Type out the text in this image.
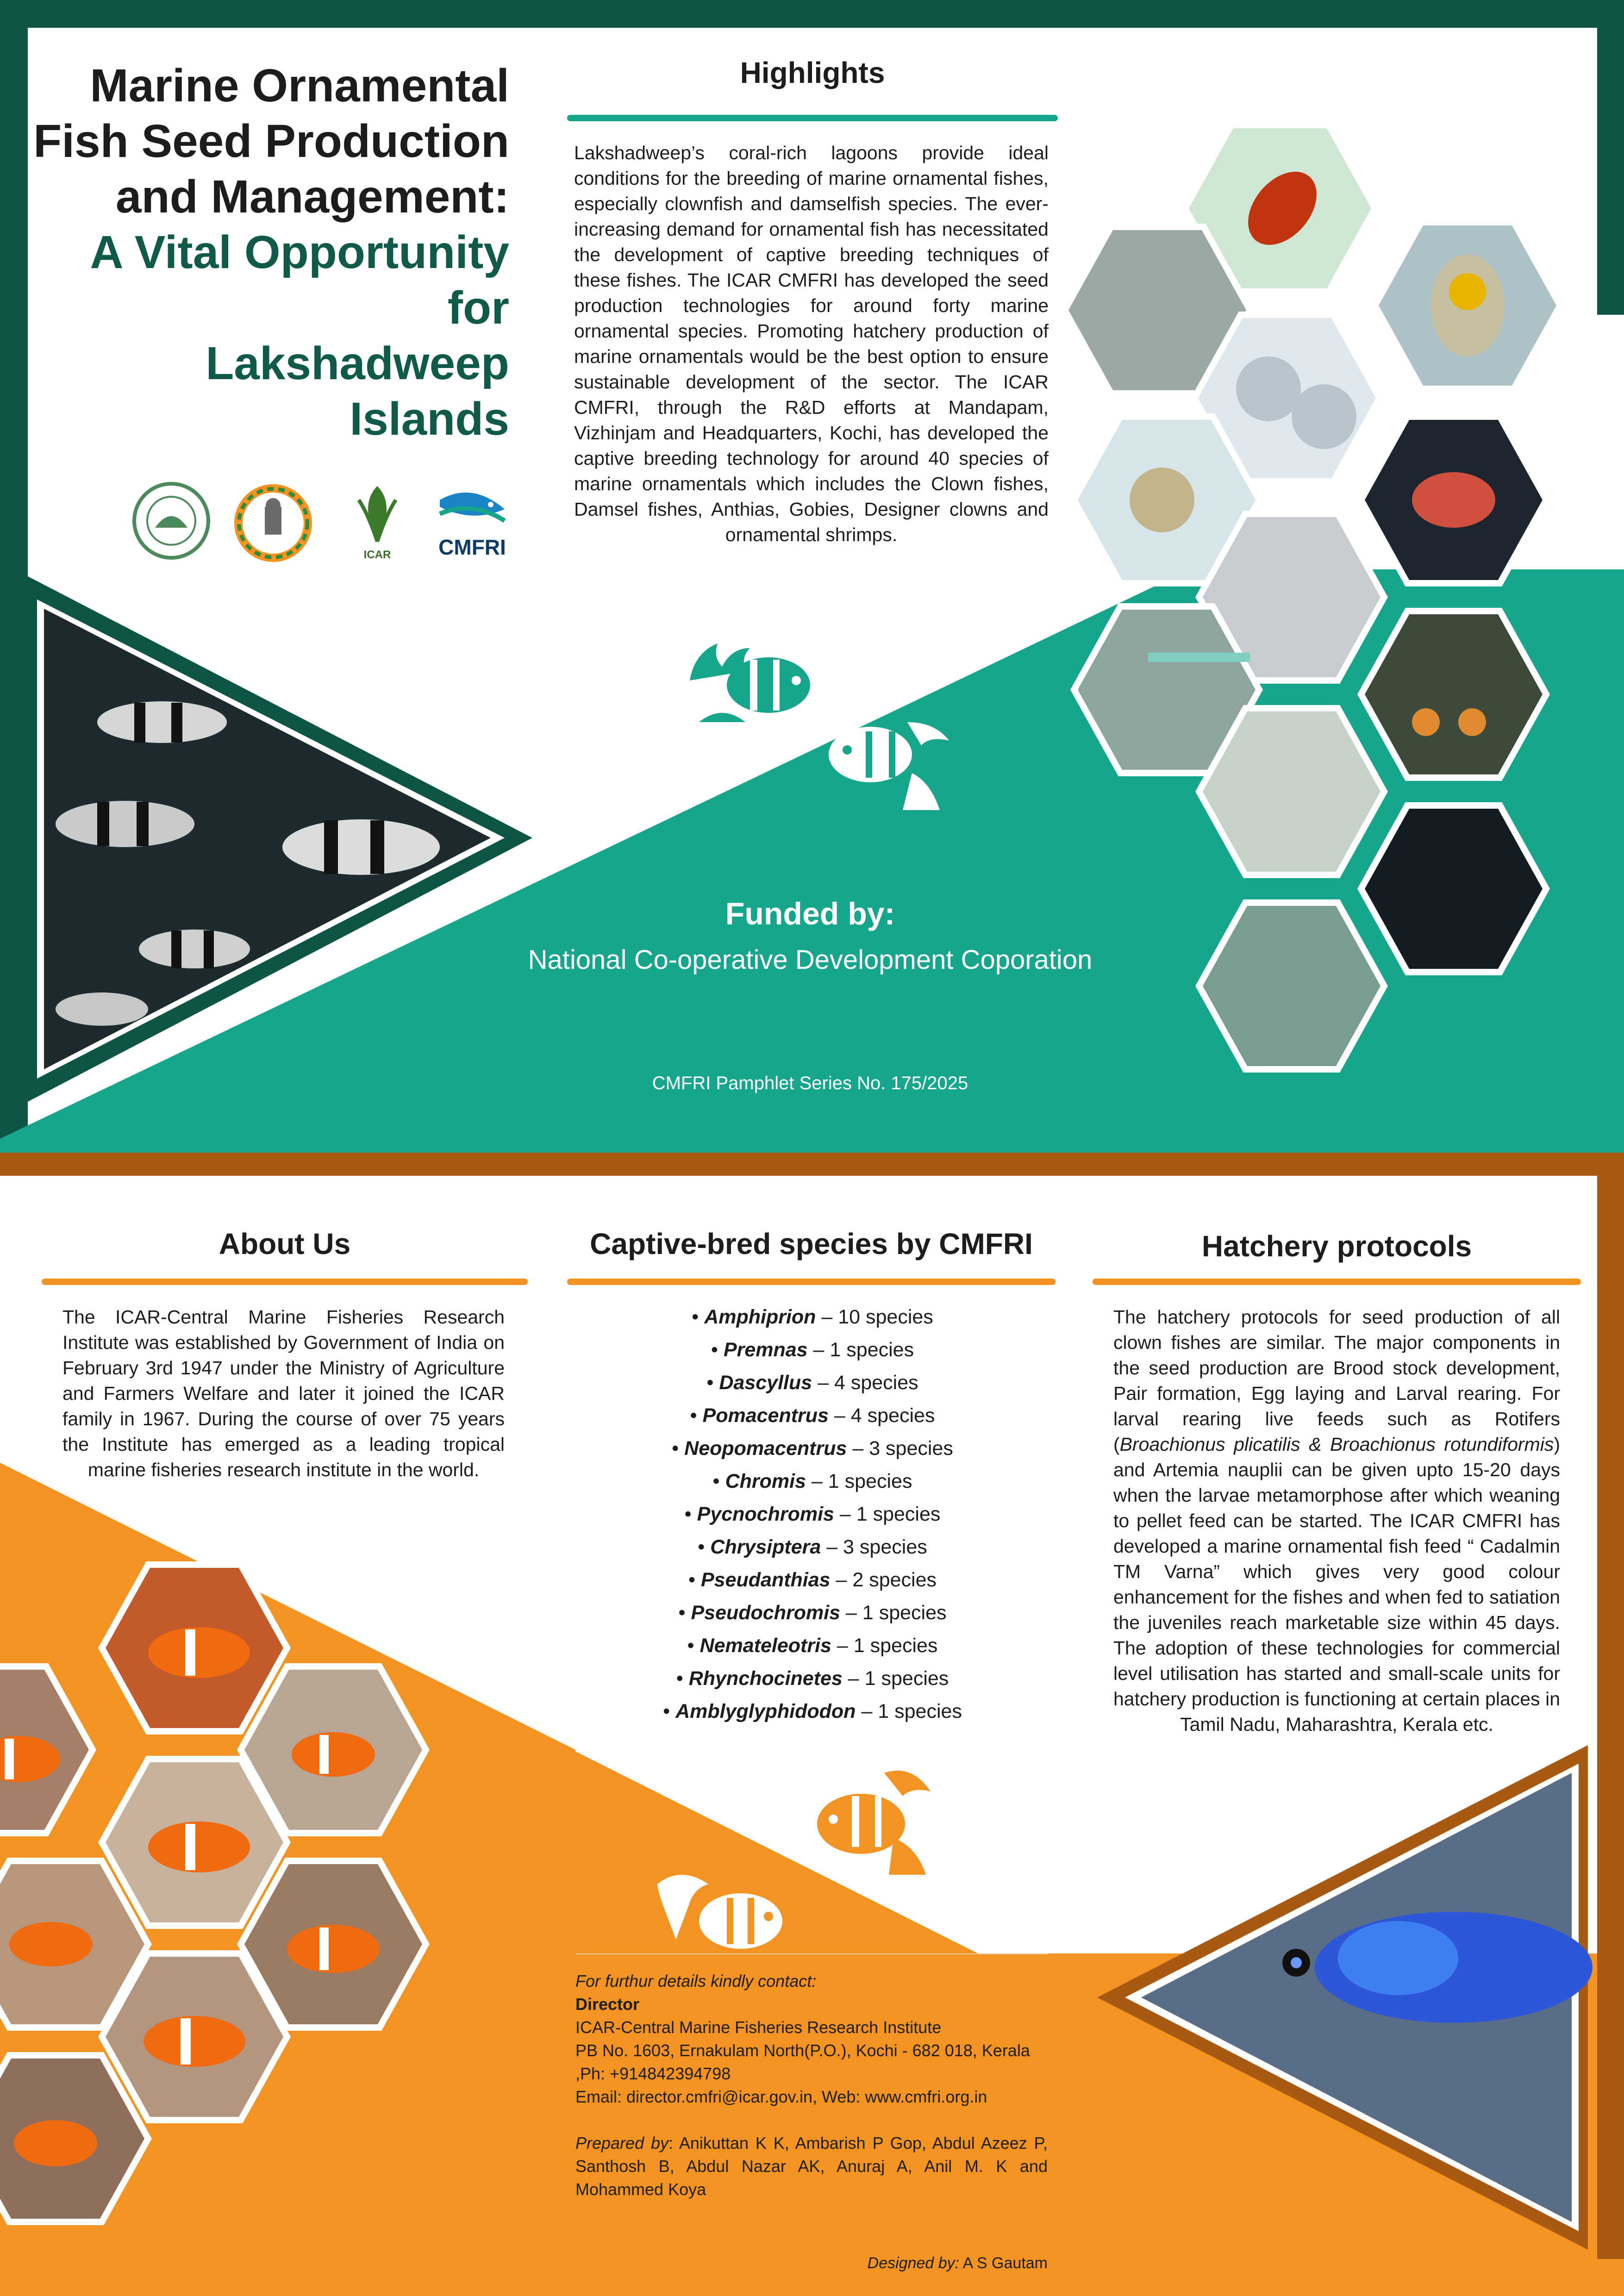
Marine Ornamental
Fish Seed Production
and Management:
A Vital Opportunity
for
Lakshadweep
Islands
ICAR	CMFRI
Highlights
Lakshadweep’s coral-rich lagoons provide ideal conditions for the breeding of marine ornamental fishes, especially clownfish and damselfish species. The ever-increasing demand for ornamental fish has necessitated the development of captive breeding techniques of these fishes. The ICAR CMFRI has developed the seed production technologies for around forty marine ornamental species. Promoting hatchery production of marine ornamentals would be the best option to ensure sustainable development of the sector. The ICAR CMFRI, through the R&D efforts at Mandapam, Vizhinjam and Headquarters, Kochi, has developed the captive breeding technology for around 40 species of marine ornamentals which includes the Clown fishes, Damsel fishes, Anthias, Gobies, Designer clowns and ornamental shrimps.
Funded by:
National Co-operative Development Coporation
CMFRI Pamphlet Series No. 175/2025
About Us
The ICAR-Central Marine Fisheries Research Institute was established by Government of India on February 3rd 1947 under the Ministry of Agriculture and Farmers Welfare and later it joined the ICAR family in 1967. During the course of over 75 years the Institute has emerged as a leading tropical marine fisheries research institute in the world.
Captive-bred species by CMFRI
• Amphiprion – 10 species
• Premnas – 1 species
• Dascyllus – 4 species
• Pomacentrus – 4 species
• Neopomacentrus – 3 species
• Chromis – 1 species
• Pycnochromis – 1 species
• Chrysiptera – 3 species
• Pseudanthias – 2 species
• Pseudochromis – 1 species
• Nemateleotris – 1 species
• Rhynchocinetes – 1 species
• Amblyglyphidodon – 1 species
Hatchery protocols
The hatchery protocols for seed production of all clown fishes are similar. The major components in the seed production are Brood stock development, Pair formation, Egg laying and Larval rearing. For larval rearing live feeds such as Rotifers (Broachionus plicatilis & Broachionus rotundiformis) and Artemia nauplii can be given upto 15-20 days when the larvae metamorphose after which weaning to pellet feed can be started. The ICAR CMFRI has developed a marine ornamental fish feed “ Cadalmin TM Varna” which gives very good colour enhancement for the fishes and when fed to satiation the juveniles reach marketable size within 45 days. The adoption of these technologies for commercial level utilisation has started and small-scale units for hatchery production is functioning at certain places in Tamil Nadu, Maharashtra, Kerala etc.
For furthur details kindly contact:
Director
ICAR-Central Marine Fisheries Research Institute
PB No. 1603, Ernakulam North(P.O.), Kochi - 682 018, Kerala
,Ph: +914842394798
Email: director.cmfri@icar.gov.in, Web: www.cmfri.org.in
Prepared by: Anikuttan K K, Ambarish P Gop, Abdul Azeez P, Santhosh B, Abdul Nazar AK, Anuraj A, Anil M. K and Mohammed Koya
Designed by: A S Gautam
